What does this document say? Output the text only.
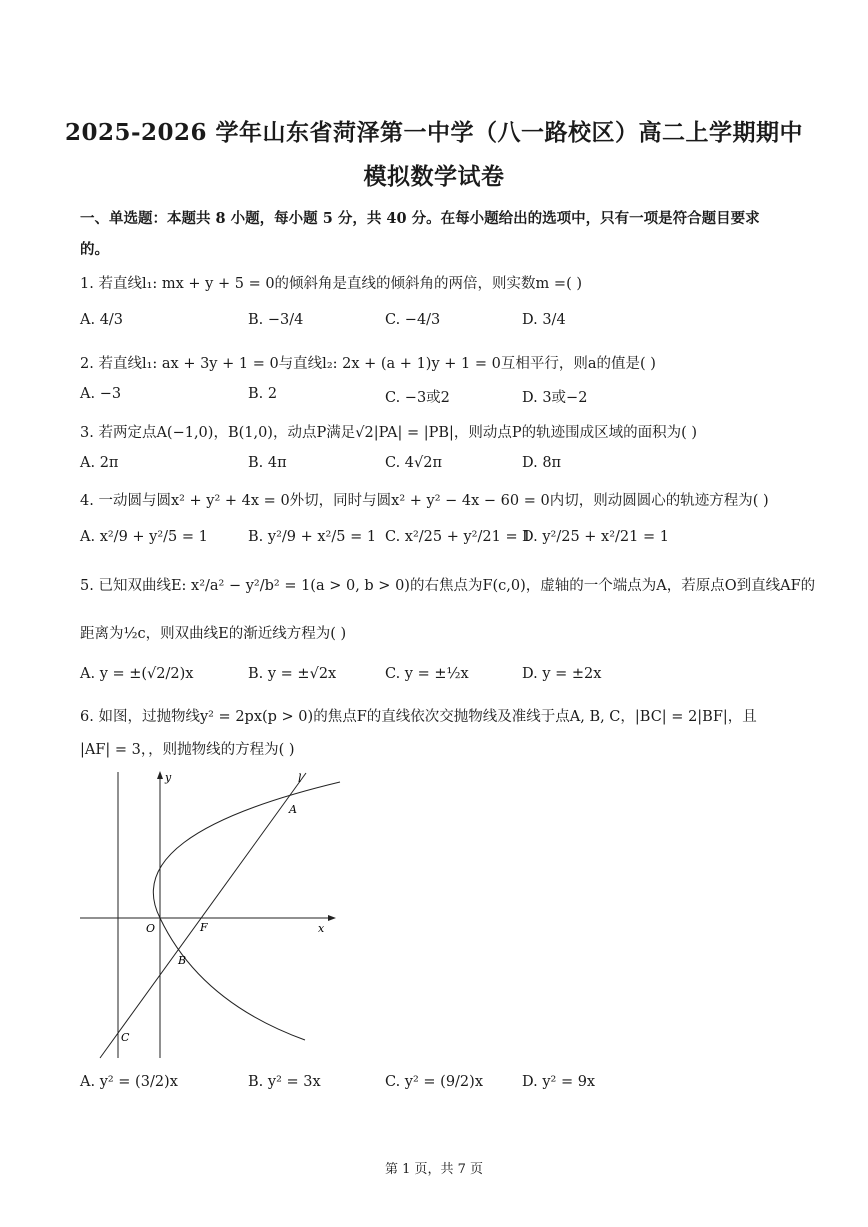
2025-2026 学年山东省菏泽第一中学（八一路校区）高二上学期期中
模拟数学试卷
一、单选题：本题共 8 小题，每小题 5 分，共 40 分。在每小题给出的选项中，只有一项是符合题目要求
的。
1. 若直线l₁: mx + y + 5 = 0的倾斜角是直线的倾斜角的两倍，则实数m =( )
A. 4/3	B. −3/4	C. −4/3	D. 3/4
2. 若直线l₁: ax + 3y + 1 = 0与直线l₂: 2x + (a + 1)y + 1 = 0互相平行，则a的值是( )
A. −3	B. 2	C. −3或2	D. 3或−2
3. 若两定点A(−1,0)，B(1,0)，动点P满足√2|PA| = |PB|，则动点P的轨迹围成区域的面积为( )
A. 2π	B. 4π	C. 4√2π	D. 8π
4. 一动圆与圆x² + y² + 4x = 0外切，同时与圆x² + y² − 4x − 60 = 0内切，则动圆圆心的轨迹方程为( )
A. x²/9 + y²/5 = 1	B. y²/9 + x²/5 = 1 C. x²/25 + y²/21 = 1
D. y²/25 + x²/21 = 1
5. 已知双曲线E: x²/a² − y²/b² = 1(a > 0, b > 0)的右焦点为F(c,0)，虚轴的一个端点为A，若原点O到直线AF的
距离为½c，则双曲线E的渐近线方程为( )
A. y = ±(√2/2)x	B. y = ±√2x	C. y = ±½x	D. y = ±2x
6. 如图，过抛物线y² = 2px(p > 0)的焦点F的直线依次交抛物线及准线于点A, B, C，|BC| = 2|BF|，且
|AF| = 3，，则抛物线的方程为( )
y
x
l
A
O	F
B
C
A. y² = (3/2)x	B. y² = 3x	C. y² = (9/2)x	D. y² = 9x
第 1 页，共 7 页
